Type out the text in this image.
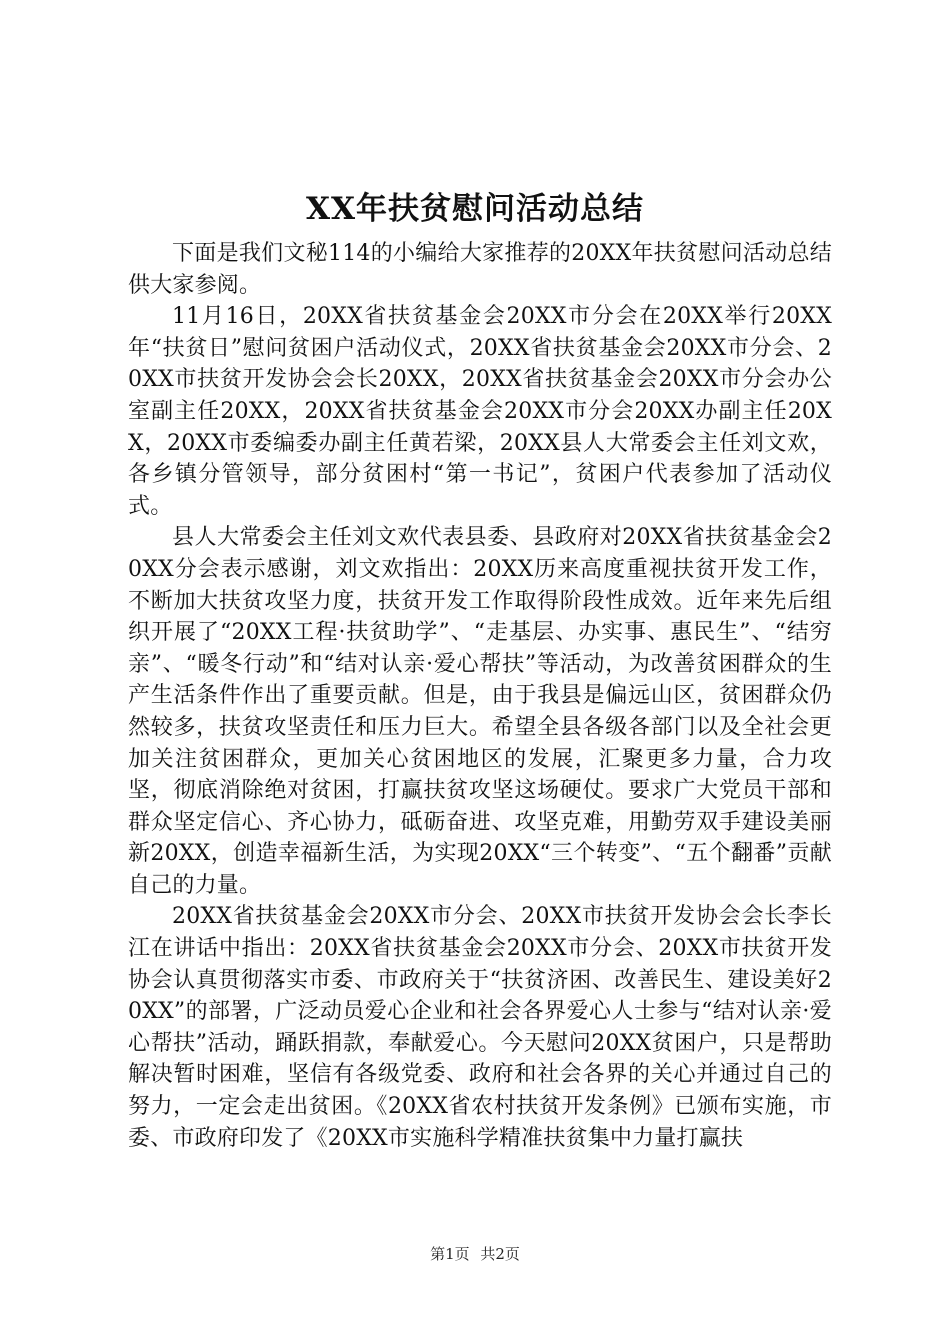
XX年扶贫慰问活动总结

下面是我们文秘114的小编给大家推荐的20XX年扶贫慰问活动总结供大家参阅。

11月16日，20XX省扶贫基金会20XX市分会在20XX举行20XX年“扶贫日”慰问贫困户活动仪式，20XX省扶贫基金会20XX市分会、20XX市扶贫开发协会会长20XX，20XX省扶贫基金会20XX市分会办公室副主任20XX，20XX省扶贫基金会20XX市分会20XX办副主任20XX，20XX市委编委办副主任黄若梁，20XX县人大常委会主任刘文欢，各乡镇分管领导，部分贫困村“第一书记”，贫困户代表参加了活动仪式。

县人大常委会主任刘文欢代表县委、县政府对20XX省扶贫基金会20XX分会表示感谢，刘文欢指出：20XX历来高度重视扶贫开发工作，不断加大扶贫攻坚力度，扶贫开发工作取得阶段性成效。近年来先后组织开展了“20XX工程·扶贫助学”、“走基层、办实事、惠民生”、“结穷亲”、“暖冬行动”和“结对认亲·爱心帮扶”等活动，为改善贫困群众的生产生活条件作出了重要贡献。但是，由于我县是偏远山区，贫困群众仍然较多，扶贫攻坚责任和压力巨大。希望全县各级各部门以及全社会更加关注贫困群众，更加关心贫困地区的发展，汇聚更多力量，合力攻坚，彻底消除绝对贫困，打赢扶贫攻坚这场硬仗。要求广大党员干部和群众坚定信心、齐心协力，砥砺奋进、攻坚克难，用勤劳双手建设美丽新20XX，创造幸福新生活，为实现20XX“三个转变”、“五个翻番”贡献自己的力量。

20XX省扶贫基金会20XX市分会、20XX市扶贫开发协会会长李长江在讲话中指出：20XX省扶贫基金会20XX市分会、20XX市扶贫开发协会认真贯彻落实市委、市政府关于“扶贫济困、改善民生、建设美好20XX”的部署，广泛动员爱心企业和社会各界爱心人士参与“结对认亲·爱心帮扶”活动，踊跃捐款，奉献爱心。今天慰问20XX贫困户，只是帮助解决暂时困难，坚信有各级党委、政府和社会各界的关心并通过自己的努力，一定会走出贫困。《20XX省农村扶贫开发条例》已颁布实施，市委、市政府印发了《20XX市实施科学精准扶贫集中力量打赢扶

第1页 共2页
